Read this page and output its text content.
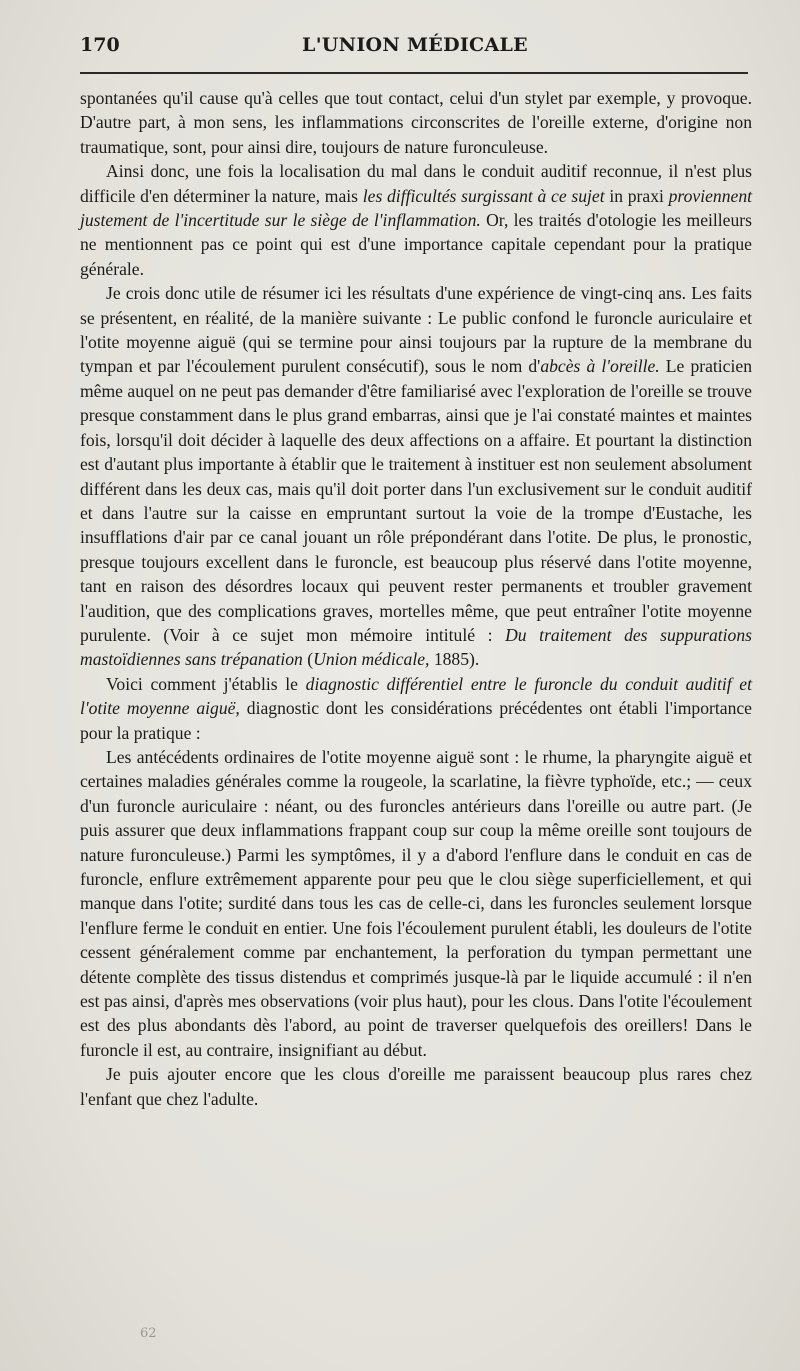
170	L'UNION MÉDICALE

spontanées qu'il cause qu'à celles que tout contact, celui d'un stylet par exemple, y provoque. D'autre part, à mon sens, les inflammations circonscrites de l'oreille externe, d'origine non traumatique, sont, pour ainsi dire, toujours de nature furonculeuse.

Ainsi donc, une fois la localisation du mal dans le conduit auditif reconnue, il n'est plus difficile d'en déterminer la nature, mais les difficultés surgissant à ce sujet in praxi proviennent justement de l'incertitude sur le siège de l'inflammation. Or, les traités d'otologie les meilleurs ne mentionnent pas ce point qui est d'une importance capitale cependant pour la pratique générale.

Je crois donc utile de résumer ici les résultats d'une expérience de vingt-cinq ans. Les faits se présentent, en réalité, de la manière suivante : Le public confond le furoncle auriculaire et l'otite moyenne aiguë (qui se termine pour ainsi toujours par la rupture de la membrane du tympan et par l'écoulement purulent consécutif), sous le nom d'abcès à l'oreille. Le praticien même auquel on ne peut pas demander d'être familiarisé avec l'exploration de l'oreille se trouve presque constamment dans le plus grand embarras, ainsi que je l'ai constaté maintes et maintes fois, lorsqu'il doit décider à laquelle des deux affections on a affaire. Et pourtant la distinction est d'autant plus importante à établir que le traitement à instituer est non seulement absolument différent dans les deux cas, mais qu'il doit porter dans l'un exclusivement sur le conduit auditif et dans l'autre sur la caisse en empruntant surtout la voie de la trompe d'Eustache, les insufflations d'air par ce canal jouant un rôle prépondérant dans l'otite. De plus, le pronostic, presque toujours excellent dans le furoncle, est beaucoup plus réservé dans l'otite moyenne, tant en raison des désordres locaux qui peuvent rester permanents et troubler gravement l'audition, que des complications graves, mortelles même, que peut entraîner l'otite moyenne purulente. (Voir à ce sujet mon mémoire intitulé : Du traitement des suppurations mastoïdiennes sans trépanation (Union médicale, 1885).

Voici comment j'établis le diagnostic différentiel entre le furoncle du conduit auditif et l'otite moyenne aiguë, diagnostic dont les considérations précédentes ont établi l'importance pour la pratique :

Les antécédents ordinaires de l'otite moyenne aiguë sont : le rhume, la pharyngite aiguë et certaines maladies générales comme la rougeole, la scarlatine, la fièvre typhoïde, etc.; — ceux d'un furoncle auriculaire : néant, ou des furoncles antérieurs dans l'oreille ou autre part. (Je puis assurer que deux inflammations frappant coup sur coup la même oreille sont toujours de nature furonculeuse.) Parmi les symptômes, il y a d'abord l'enflure dans le conduit en cas de furoncle, enflure extrêmement apparente pour peu que le clou siège superficiellement, et qui manque dans l'otite; surdité dans tous les cas de celle-ci, dans les furoncles seulement lorsque l'enflure ferme le conduit en entier. Une fois l'écoulement purulent établi, les douleurs de l'otite cessent généralement comme par enchantement, la perforation du tympan permettant une détente complète des tissus distendus et comprimés jusque-là par le liquide accumulé : il n'en est pas ainsi, d'après mes observations (voir plus haut), pour les clous. Dans l'otite l'écoulement est des plus abondants dès l'abord, au point de traverser quelquefois des oreillers! Dans le furoncle il est, au contraire, insignifiant au début.

Je puis ajouter encore que les clous d'oreille me paraissent beaucoup plus rares chez l'enfant que chez l'adulte.

62
